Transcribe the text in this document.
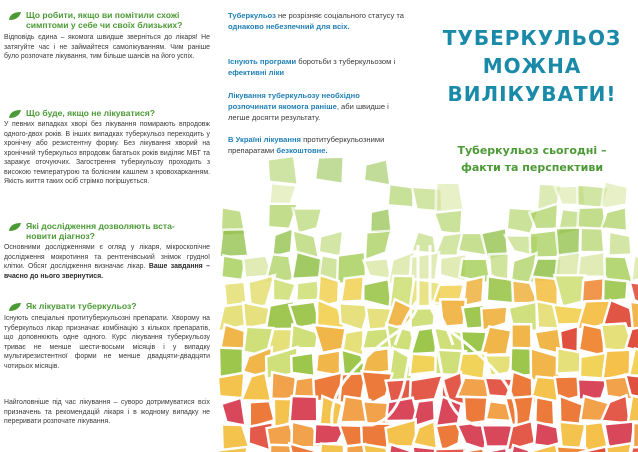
Що робити, якщо ви помітили схожі
симптоми у себе чи своїх близьких?
Відповідь єдина – якомога швидше зверніться до лікаря! Не затягуйте час і не займайтеся самолікуванням. Чим раніше було розпочате лікування, тим більше шансів на його успіх.
Що буде, якщо не лікуватися?
У певних випадках хворі без лікування помирають впродовж одного-двох років. В інших випадках туберкульоз переходить у хронічну або резистентну форму. Без лікування хворий на хронічний туберкульоз впродовж багатьох років виділяє МБТ та заражує оточуючих. Загострення туберкульозу проходить з високою температурою та болісним кашлем з кровохарканням. Якість життя таких осіб стрімко погіршується.
Які дослідження дозволяють вста-
новити діагноз?
Основними дослідженнями є огляд у лікаря, мікроскопічне дослідження мокротиння та рентгенівський знімок грудної клітки. Обсяг дослідження визначає лікар. Ваше завдання – вчасно до нього звернутися.
Як лікувати туберкульоз?
Існують спеціальні протитуберкульозні препарати. Хворому на туберкульоз лікар призначає комбінацію з кількох препаратів, що доповнюють одне одного. Курс лікування туберкульозу триває не менше шести-восьми місяців і у випадку мультирезистентної форми не менше двадцяти-двадцяти чотирьох місяців.
Найголовніше під час лікування – суворо дотримуватися всіх призначень та рекомендацій лікаря і в жодному випадку не переривати розпочате лікування.
Туберкульоз не розрізняє соціального статусу та однаково небезпечний для всіх.
Існують програми боротьби з туберкульозом і ефективні ліки
Лікування туберкульозу необхідно розпочинати якомога раніше, аби швидше і легше досягти результату.
В Україні лікування протитуберкульозними препаратами безкоштовне.
ТУБЕРКУЛЬОЗ
МОЖНА
ВИЛІКУВАТИ!
Туберкульоз сьогодні –
факти та перспективи
